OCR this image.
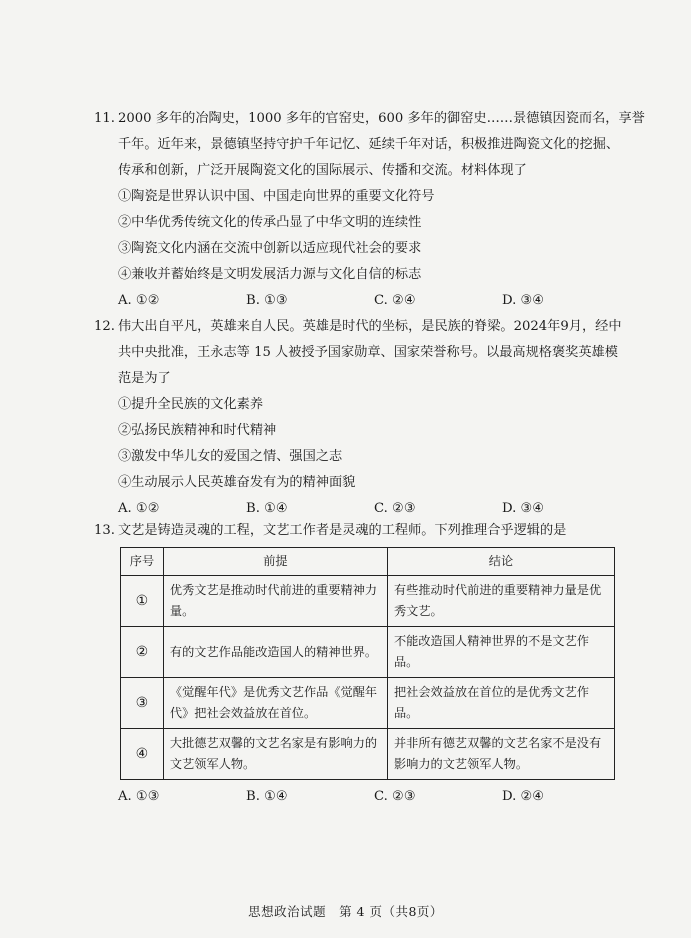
11. 2000 多年的冶陶史，1000 多年的官窑史，600 多年的御窑史……景德镇因瓷而名，享誉
千年。近年来，景德镇坚持守护千年记忆、延续千年对话，积极推进陶瓷文化的挖掘、
传承和创新，广泛开展陶瓷文化的国际展示、传播和交流。材料体现了
①陶瓷是世界认识中国、中国走向世界的重要文化符号
②中华优秀传统文化的传承凸显了中华文明的连续性
③陶瓷文化内涵在交流中创新以适应现代社会的要求
④兼收并蓄始终是文明发展活力源与文化自信的标志
A. ①②	B. ①③	C. ②④	D. ③④
12. 伟大出自平凡，英雄来自人民。英雄是时代的坐标，是民族的脊梁。2024年9月，经中
共中央批准，王永志等 15 人被授予国家勋章、国家荣誉称号。以最高规格褒奖英雄模
范是为了
①提升全民族的文化素养
②弘扬民族精神和时代精神
③激发中华儿女的爱国之情、强国之志
④生动展示人民英雄奋发有为的精神面貌
A. ①②	B. ①④	C. ②③	D. ③④
13. 文艺是铸造灵魂的工程，文艺工作者是灵魂的工程师。下列推理合乎逻辑的是
序号	前提	结论
①	优秀文艺是推动时代前进的重要精神力量。	有些推动时代前进的重要精神力量是优秀文艺。
②	有的文艺作品能改造国人的精神世界。	不能改造国人精神世界的不是文艺作品。
③	《觉醒年代》是优秀文艺作品《觉醒年代》把社会效益放在首位。	把社会效益放在首位的是优秀文艺作品。
④	大批德艺双馨的文艺名家是有影响力的文艺领军人物。	并非所有德艺双馨的文艺名家不是没有影响力的文艺领军人物。
A. ①③	B. ①④	C. ②③	D. ②④
思想政治试题　第 4 页（共8页）
